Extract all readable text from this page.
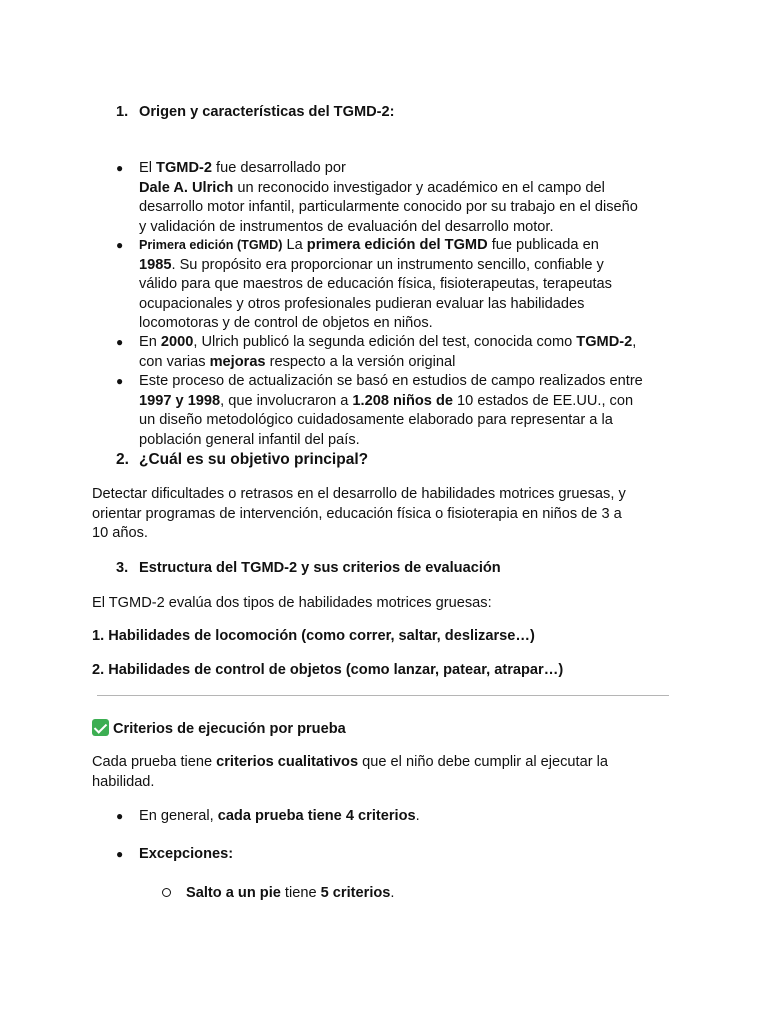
1. Origen y características del TGMD-2:
● El TGMD-2 fue desarrollado por
Dale A. Ulrich un reconocido investigador y académico en el campo del
desarrollo motor infantil, particularmente conocido por su trabajo en el diseño
y validación de instrumentos de evaluación del desarrollo motor.
● Primera edición (TGMD) La primera edición del TGMD fue publicada en
1985. Su propósito era proporcionar un instrumento sencillo, confiable y
válido para que maestros de educación física, fisioterapeutas, terapeutas
ocupacionales y otros profesionales pudieran evaluar las habilidades
locomotoras y de control de objetos en niños.
● En 2000, Ulrich publicó la segunda edición del test, conocida como TGMD-2,
con varias mejoras respecto a la versión original
● Este proceso de actualización se basó en estudios de campo realizados entre
1997 y 1998, que involucraron a 1.208 niños de 10 estados de EE.UU., con
un diseño metodológico cuidadosamente elaborado para representar a la
población general infantil del país.
2. ¿Cuál es su objetivo principal?
Detectar dificultades o retrasos en el desarrollo de habilidades motrices gruesas, y
orientar programas de intervención, educación física o fisioterapia en niños de 3 a
10 años.
3. Estructura del TGMD-2 y sus criterios de evaluación
El TGMD-2 evalúa dos tipos de habilidades motrices gruesas:
1. Habilidades de locomoción (como correr, saltar, deslizarse…)
2. Habilidades de control de objetos (como lanzar, patear, atrapar…)
Criterios de ejecución por prueba
Cada prueba tiene criterios cualitativos que el niño debe cumplir al ejecutar la
habilidad.
● En general, cada prueba tiene 4 criterios.
● Excepciones:
Salto a un pie tiene 5 criterios.
